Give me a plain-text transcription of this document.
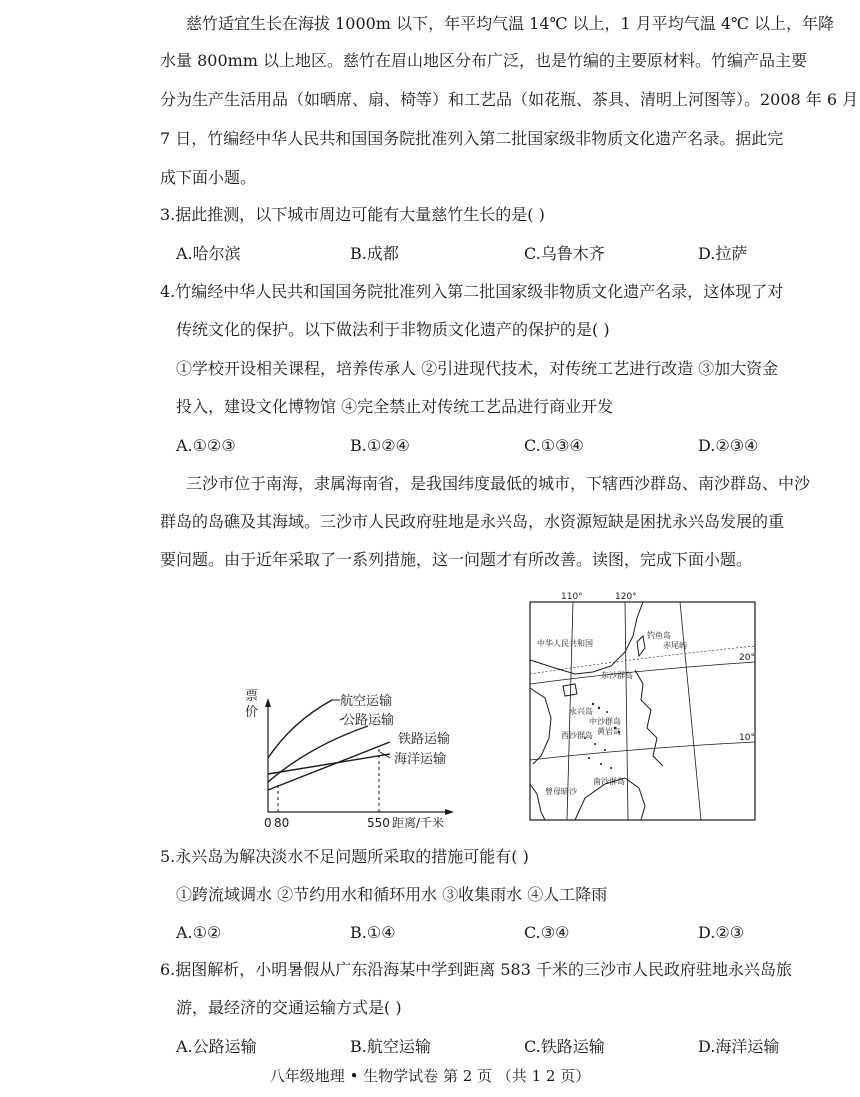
慈竹适宜生长在海拔 1000m 以下，年平均气温 14℃ 以上，1 月平均气温 4℃ 以上，年降
水量 800mm 以上地区。慈竹在眉山地区分布广泛，也是竹编的主要原材料。竹编产品主要
分为生产生活用品（如晒席、扇、椅等）和工艺品（如花瓶、茶具、清明上河图等）。2008 年 6 月
7 日，竹编经中华人民共和国国务院批准列入第二批国家级非物质文化遗产名录。据此完
成下面小题。
3.据此推测，以下城市周边可能有大量慈竹生长的是( )
A.哈尔滨	B.成都	C.乌鲁木齐	D.拉萨
4.竹编经中华人民共和国国务院批准列入第二批国家级非物质文化遗产名录，这体现了对
传统文化的保护。以下做法利于非物质文化遗产的保护的是( )
①学校开设相关课程，培养传承人 ②引进现代技术，对传统工艺进行改造 ③加大资金
投入，建设文化博物馆 ④完全禁止对传统工艺品进行商业开发
A.①②③	B.①②④	C.①③④	D.②③④
三沙市位于南海，隶属海南省，是我国纬度最低的城市，下辖西沙群岛、南沙群岛、中沙
群岛的岛礁及其海域。三沙市人民政府驻地是永兴岛，水资源短缺是困扰永兴岛发展的重
要问题。由于近年采取了一系列措施，这一问题才有所改善。读图，完成下面小题。
票
价
航空运输
公路运输
铁路运输
海洋运输
0 80	550 距离/千米
110°	120°
20°
10°
中华人民共和国
钓鱼岛
赤尾屿
东沙群岛
西沙群岛
中沙群岛
黄岩岛
永兴岛
南沙群岛
曾母暗沙
5.永兴岛为解决淡水不足问题所采取的措施可能有( )
①跨流域调水 ②节约用水和循环用水 ③收集雨水 ④人工降雨
A.①②	B.①④	C.③④	D.②③
6.据图解析，小明暑假从广东沿海某中学到距离 583 千米的三沙市人民政府驻地永兴岛旅
游，最经济的交通运输方式是( )
A.公路运输	B.航空运输	C.铁路运输	D.海洋运输
八年级地理 • 生物学试卷 第 2 页 （共 1 2 页）
